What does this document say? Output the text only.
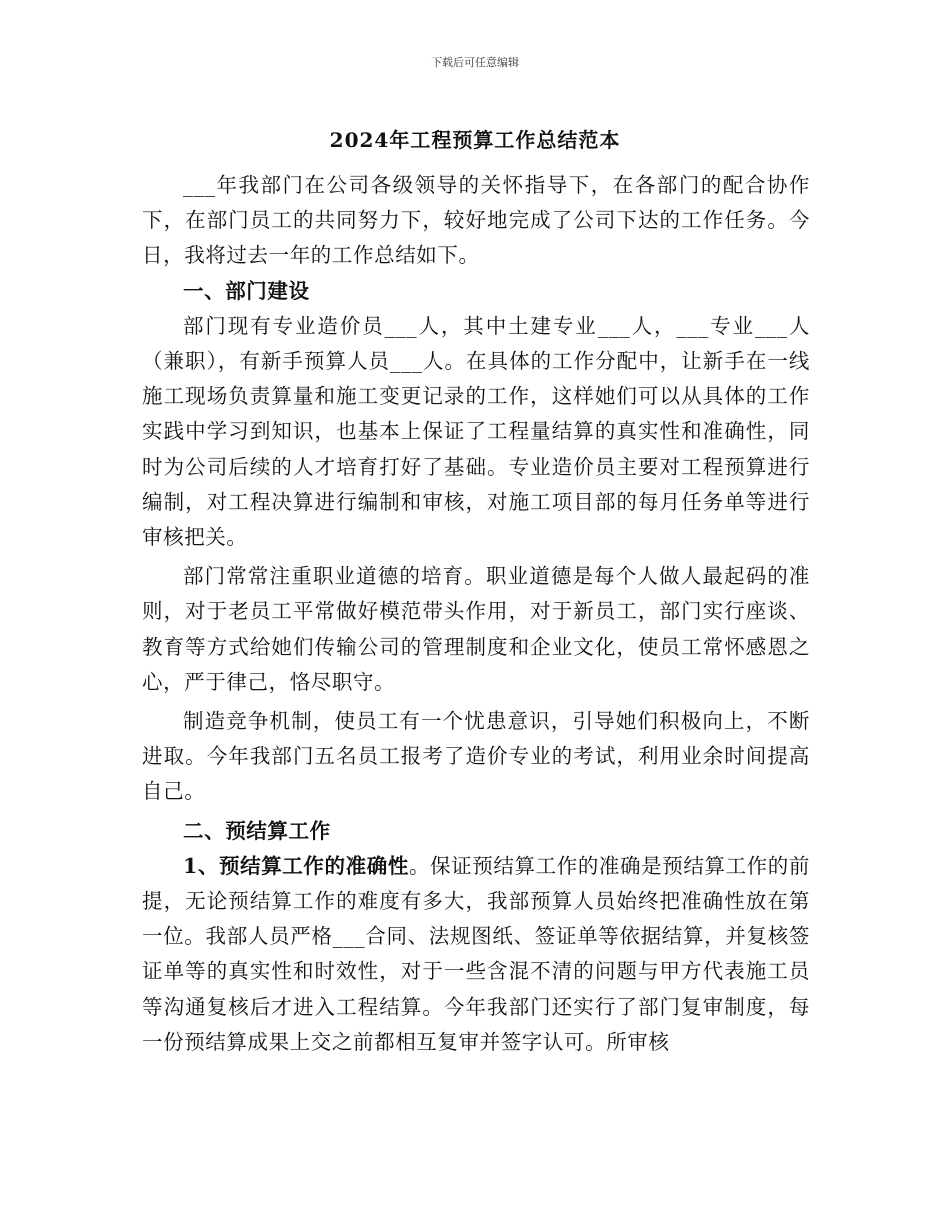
下载后可任意编辑
2024年工程预算工作总结范本

___年我部门在公司各级领导的关怀指导下，在各部门的配合协作下，在部门员工的共同努力下，较好地完成了公司下达的工作任务。今日，我将过去一年的工作总结如下。

一、部门建设

部门现有专业造价员___人，其中土建专业___人，___专业___人（兼职），有新手预算人员___人。在具体的工作分配中，让新手在一线施工现场负责算量和施工变更记录的工作，这样她们可以从具体的工作实践中学习到知识，也基本上保证了工程量结算的真实性和准确性，同时为公司后续的人才培育打好了基础。专业造价员主要对工程预算进行编制，对工程决算进行编制和审核，对施工项目部的每月任务单等进行审核把关。

部门常常注重职业道德的培育。职业道德是每个人做人最起码的准则，对于老员工平常做好模范带头作用，对于新员工，部门实行座谈、教育等方式给她们传输公司的管理制度和企业文化，使员工常怀感恩之心，严于律己，恪尽职守。

制造竞争机制，使员工有一个忧患意识，引导她们积极向上，不断进取。今年我部门五名员工报考了造价专业的考试，利用业余时间提高自己。

二、预结算工作

1、预结算工作的准确性。保证预结算工作的准确是预结算工作的前提，无论预结算工作的难度有多大，我部预算人员始终把准确性放在第一位。我部人员严格___合同、法规图纸、签证单等依据结算，并复核签证单等的真实性和时效性，对于一些含混不清的问题与甲方代表施工员等沟通复核后才进入工程结算。今年我部门还实行了部门复审制度，每一份预结算成果上交之前都相互复审并签字认可。所审核
